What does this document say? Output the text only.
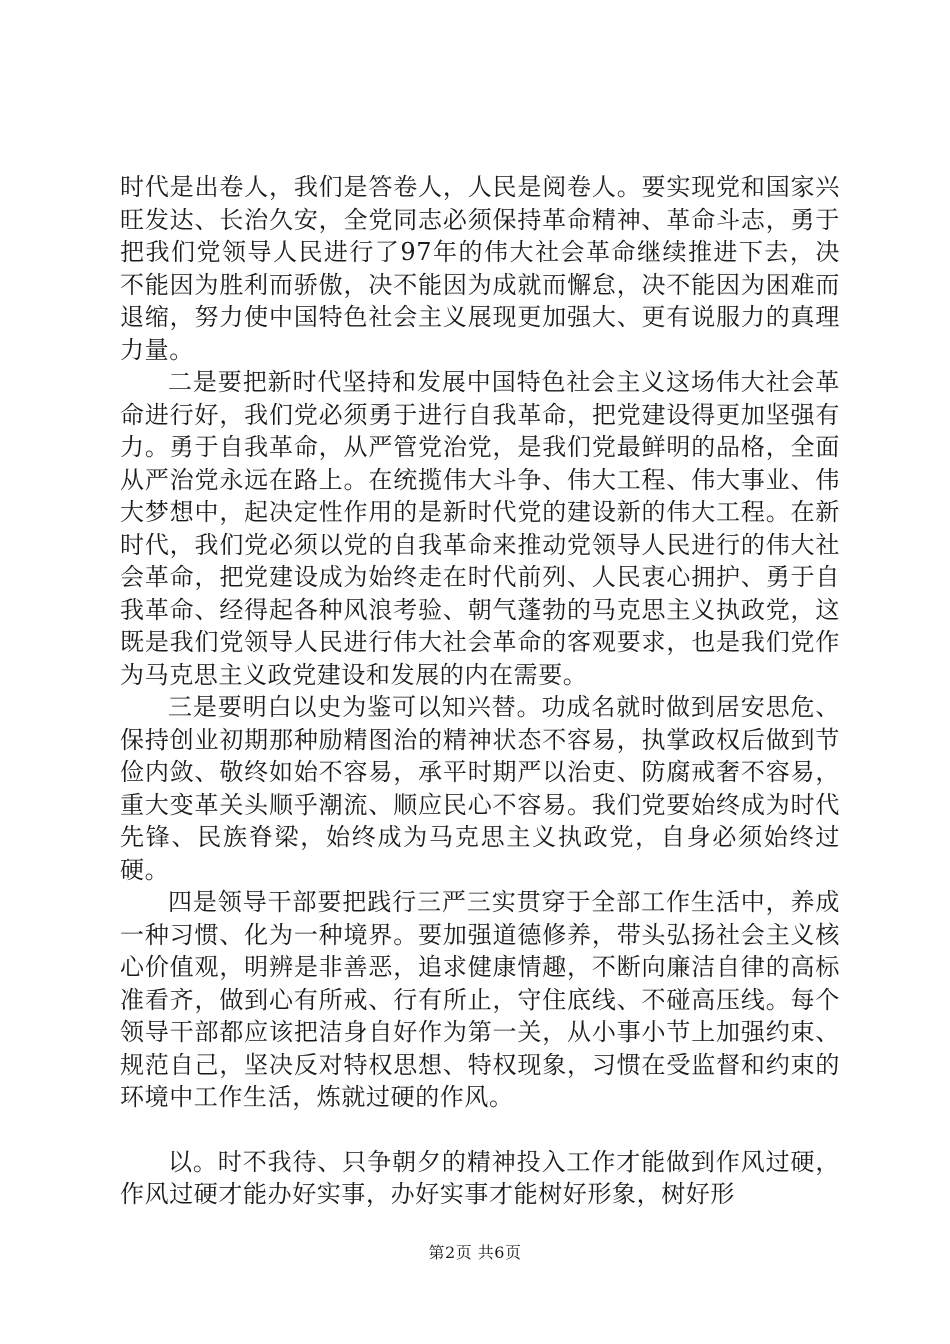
时代是出卷人，我们是答卷人，人民是阅卷人。要实现党和国家兴旺发达、长治久安，全党同志必须保持革命精神、革命斗志，勇于把我们党领导人民进行了97年的伟大社会革命继续推进下去，决不能因为胜利而骄傲，决不能因为成就而懈怠，决不能因为困难而退缩，努力使中国特色社会主义展现更加强大、更有说服力的真理力量。

二是要把新时代坚持和发展中国特色社会主义这场伟大社会革命进行好，我们党必须勇于进行自我革命，把党建设得更加坚强有力。勇于自我革命，从严管党治党，是我们党最鲜明的品格，全面从严治党永远在路上。在统揽伟大斗争、伟大工程、伟大事业、伟大梦想中，起决定性作用的是新时代党的建设新的伟大工程。在新时代，我们党必须以党的自我革命来推动党领导人民进行的伟大社会革命，把党建设成为始终走在时代前列、人民衷心拥护、勇于自我革命、经得起各种风浪考验、朝气蓬勃的马克思主义执政党，这既是我们党领导人民进行伟大社会革命的客观要求，也是我们党作为马克思主义政党建设和发展的内在需要。

三是要明白以史为鉴可以知兴替。功成名就时做到居安思危、保持创业初期那种励精图治的精神状态不容易，执掌政权后做到节俭内敛、敬终如始不容易，承平时期严以治吏、防腐戒奢不容易，重大变革关头顺乎潮流、顺应民心不容易。我们党要始终成为时代先锋、民族脊梁，始终成为马克思主义执政党，自身必须始终过硬。

四是领导干部要把践行三严三实贯穿于全部工作生活中，养成一种习惯、化为一种境界。要加强道德修养，带头弘扬社会主义核心价值观，明辨是非善恶，追求健康情趣，不断向廉洁自律的高标准看齐，做到心有所戒、行有所止，守住底线、不碰高压线。每个领导干部都应该把洁身自好作为第一关，从小事小节上加强约束、规范自己，坚决反对特权思想、特权现象，习惯在受监督和约束的环境中工作生活，炼就过硬的作风。

以。时不我待、只争朝夕的精神投入工作才能做到作风过硬，作风过硬才能办好实事，办好实事才能树好形象，树好形

第2页 共6页
